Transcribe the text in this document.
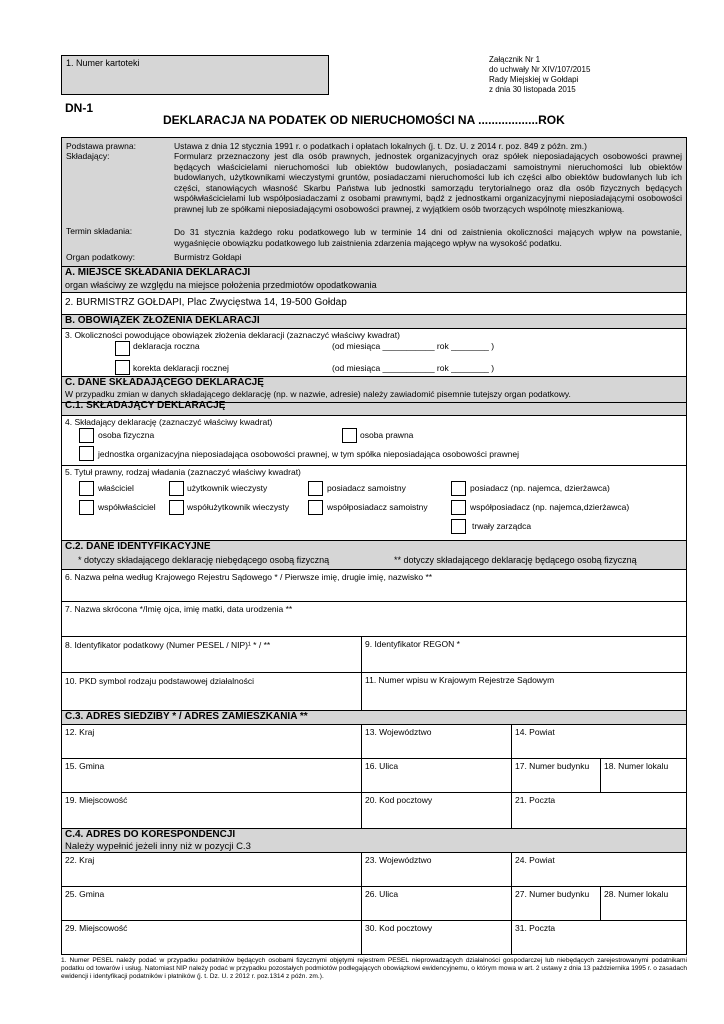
1. Numer kartoteki	Załącznik Nr 1
do uchwały Nr XIV/107/2015
Rady Miejskiej w Gołdapi
z dnia 30 listopada 2015
DN-1
DEKLARACJA NA PODATEK OD NIERUCHOMOŚCI NA ..................ROK
Podstawa prawna:	Ustawa z dnia 12 stycznia 1991 r. o podatkach i opłatach lokalnych (j. t. Dz. U. z 2014 r. poz. 849 z późn. zm.)
Składający:	Formularz przeznaczony jest dla osób prawnych, jednostek organizacyjnych oraz spółek nieposiadających osobowości prawnej będących właścicielami nieruchomości lub obiektów budowlanych, posiadaczami samoistnymi nieruchomości lub obiektów budowlanych, użytkownikami wieczystymi gruntów, posiadaczami nieruchomości lub ich części albo obiektów budowlanych lub ich części, stanowiących własność Skarbu Państwa lub jednostki samorządu terytorialnego oraz dla osób fizycznych będących współwłaścicielami lub współposiadaczami z osobami prawnymi, bądź z jednostkami organizacyjnymi nieposiadającymi osobowości prawnej lub ze spółkami nieposiadającymi osobowości prawnej, z wyjątkiem osób tworzących wspólnotę mieszkaniową.
Termin składania:	Do 31 stycznia każdego roku podatkowego lub w terminie 14 dni od zaistnienia okoliczności mających wpływ na powstanie, wygaśnięcie obowiązku podatkowego lub zaistnienia zdarzenia mającego wpływ na wysokość podatku.
Organ podatkowy:	Burmistrz Gołdapi
A. MIEJSCE SKŁADANIA DEKLARACJI
organ właściwy ze względu na miejsce położenia przedmiotów opodatkowania
2. BURMISTRZ GOŁDAPI, Plac Zwycięstwa 14, 19-500 Gołdap
B. OBOWIĄZEK ZŁOŻENIA DEKLARACJI
3. Okoliczności powodujące obowiązek złożenia deklaracji (zaznaczyć właściwy kwadrat)
deklaracja roczna	(od miesiąca ___________ rok ________ )
korekta deklaracji rocznej	(od miesiąca ___________ rok ________ )
C. DANE SKŁADAJĄCEGO DEKLARACJĘ
W przypadku zmian w danych składającego deklarację (np. w nazwie, adresie) należy zawiadomić pisemnie tutejszy organ podatkowy.
C.1. SKŁADAJĄCY DEKLARACJĘ
4. Składający deklarację (zaznaczyć właściwy kwadrat)
osoba fizyczna	osoba prawna
jednostka organizacyjna nieposiadająca osobowości prawnej, w tym spółka nieposiadająca osobowości prawnej
5. Tytuł prawny, rodzaj władania (zaznaczyć właściwy kwadrat)
właściciel	użytkownik wieczysty	posiadacz samoistny	posiadacz (np. najemca, dzierżawca)
współwłaściciel	współużytkownik wieczysty	współposiadacz samoistny	współposiadacz (np. najemca,dzierżawca)
trwały zarządca
C.2. DANE IDENTYFIKACYJNE
* dotyczy składającego deklarację niebędącego osobą fizyczną	** dotyczy składającego deklarację będącego osobą fizyczną
6. Nazwa pełna według Krajowego Rejestru Sądowego * / Pierwsze imię, drugie imię, nazwisko **
7. Nazwa skrócona */Imię ojca, imię matki, data urodzenia **
8. Identyfikator podatkowy (Numer PESEL / NIP)¹ * / **	9. Identyfikator REGON *
10. PKD symbol rodzaju podstawowej działalności	11. Numer wpisu w Krajowym Rejestrze Sądowym
C.3. ADRES SIEDZIBY * / ADRES ZAMIESZKANIA **
12. Kraj	13. Województwo	14. Powiat
15. Gmina	16. Ulica	17. Numer budynku	18. Numer lokalu
19. Miejscowość	20. Kod pocztowy	21. Poczta
C.4. ADRES DO KORESPONDENCJI
Należy wypełnić jeżeli inny niż w pozycji C.3
22. Kraj	23. Województwo	24. Powiat
25. Gmina	26. Ulica	27. Numer budynku	28. Numer lokalu
29. Miejscowość	30. Kod pocztowy	31. Poczta
1. Numer PESEL należy podać w przypadku podatników będących osobami fizycznymi objętymi rejestrem PESEL nieprowadzących działalności gospodarczej lub niebędących zarejestrowanymi podatnikami podatku od towarów i usług. Natomiast NIP należy podać w przypadku pozostałych podmiotów podlegających obowiązkowi ewidencyjnemu, o którym mowa w art. 2 ustawy z dnia 13 października 1995 r. o zasadach ewidencji i identyfikacji podatników i płatników (j. t. Dz. U. z 2012 r. poz.1314 z późn. zm.).
